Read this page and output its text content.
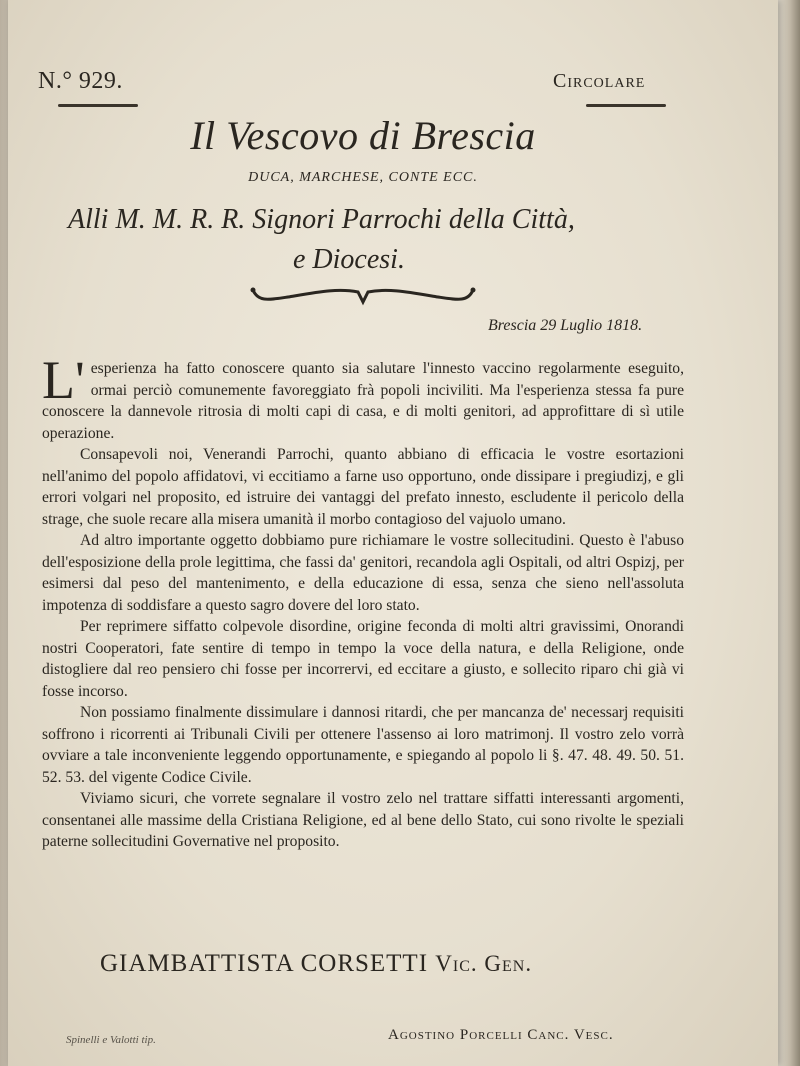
N.° 929.	Circolare
Il Vescovo di Brescia
DUCA, MARCHESE, CONTE ECC.
Alli M. M. R. R. Signori Parrochi della Città,
e Diocesi.
Brescia 29 Luglio 1818.

L' esperienza ha fatto conoscere quanto sia salutare l'innesto vaccino regolarmente eseguito, ormai perciò comunemente favoreggiato frà popoli inciviliti. Ma l'esperienza stessa fa pure conoscere la dannevole ritrosia di molti capi di casa, e di molti genitori, ad approfittare di sì utile operazione.

Consapevoli noi, Venerandi Parrochi, quanto abbiano di efficacia le vostre esortazioni nell'animo del popolo affidatovi, vi eccitiamo a farne uso opportuno, onde dissipare i pregiudizj, e gli errori volgari nel proposito, ed istruire dei vantaggi del prefato innesto, escludente il pericolo della strage, che suole recare alla misera umanità il morbo contagioso del vajuolo umano.

Ad altro importante oggetto dobbiamo pure richiamare le vostre sollecitudini. Questo è l'abuso dell'esposizione della prole legittima, che fassi da' genitori, recandola agli Ospitali, od altri Ospizj, per esimersi dal peso del mantenimento, e della educazione di essa, senza che sieno nell'assoluta impotenza di soddisfare a questo sagro dovere del loro stato.

Per reprimere siffatto colpevole disordine, origine feconda di molti altri gravissimi, Onorandi nostri Cooperatori, fate sentire di tempo in tempo la voce della natura, e della Religione, onde distogliere dal reo pensiero chi fosse per incorrervi, ed eccitare a giusto, e sollecito riparo chi già vi fosse incorso.

Non possiamo finalmente dissimulare i dannosi ritardi, che per mancanza de' necessarj requisiti soffrono i ricorrenti ai Tribunali Civili per ottenere l'assenso ai loro matrimonj. Il vostro zelo vorrà ovviare a tale inconveniente leggendo opportunamente, e spiegando al popolo li §. 47. 48. 49. 50. 51. 52. 53. del vigente Codice Civile.

Viviamo sicuri, che vorrete segnalare il vostro zelo nel trattare siffatti interessanti argomenti, consentanei alle massime della Cristiana Religione, ed al bene dello Stato, cui sono rivolte le speziali paterne sollecitudini Governative nel proposito.

GIAMBATTISTA CORSETTI Vic. Gen.
Spinelli e Valotti tip.	Agostino Porcelli Canc. Vesc.
